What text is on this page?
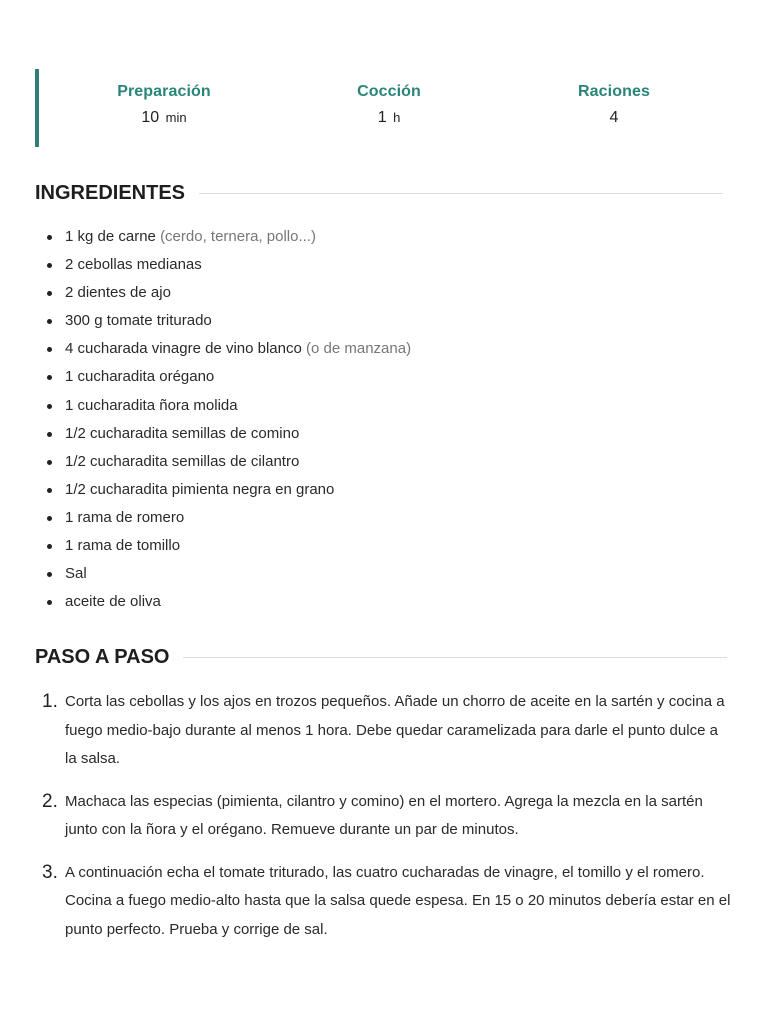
Preparación
10 min
Cocción
1 h
Raciones
4
INGREDIENTES
1 kg de carne (cerdo, ternera, pollo...)
2 cebollas medianas
2 dientes de ajo
300 g tomate triturado
4 cucharada vinagre de vino blanco (o de manzana)
1 cucharadita orégano
1 cucharadita ñora molida
1/2 cucharadita semillas de comino
1/2 cucharadita semillas de cilantro
1/2 cucharadita pimienta negra en grano
1 rama de romero
1 rama de tomillo
Sal
aceite de oliva
PASO A PASO
1. Corta las cebollas y los ajos en trozos pequeños. Añade un chorro de aceite en la sartén y cocina a fuego medio-bajo durante al menos 1 hora. Debe quedar caramelizada para darle el punto dulce a la salsa.
2. Machaca las especias (pimienta, cilantro y comino) en el mortero. Agrega la mezcla en la sartén junto con la ñora y el orégano. Remueve durante un par de minutos.
3. A continuación echa el tomate triturado, las cuatro cucharadas de vinagre, el tomillo y el romero. Cocina a fuego medio-alto hasta que la salsa quede espesa. En 15 o 20 minutos debería estar en el punto perfecto. Prueba y corrige de sal.
